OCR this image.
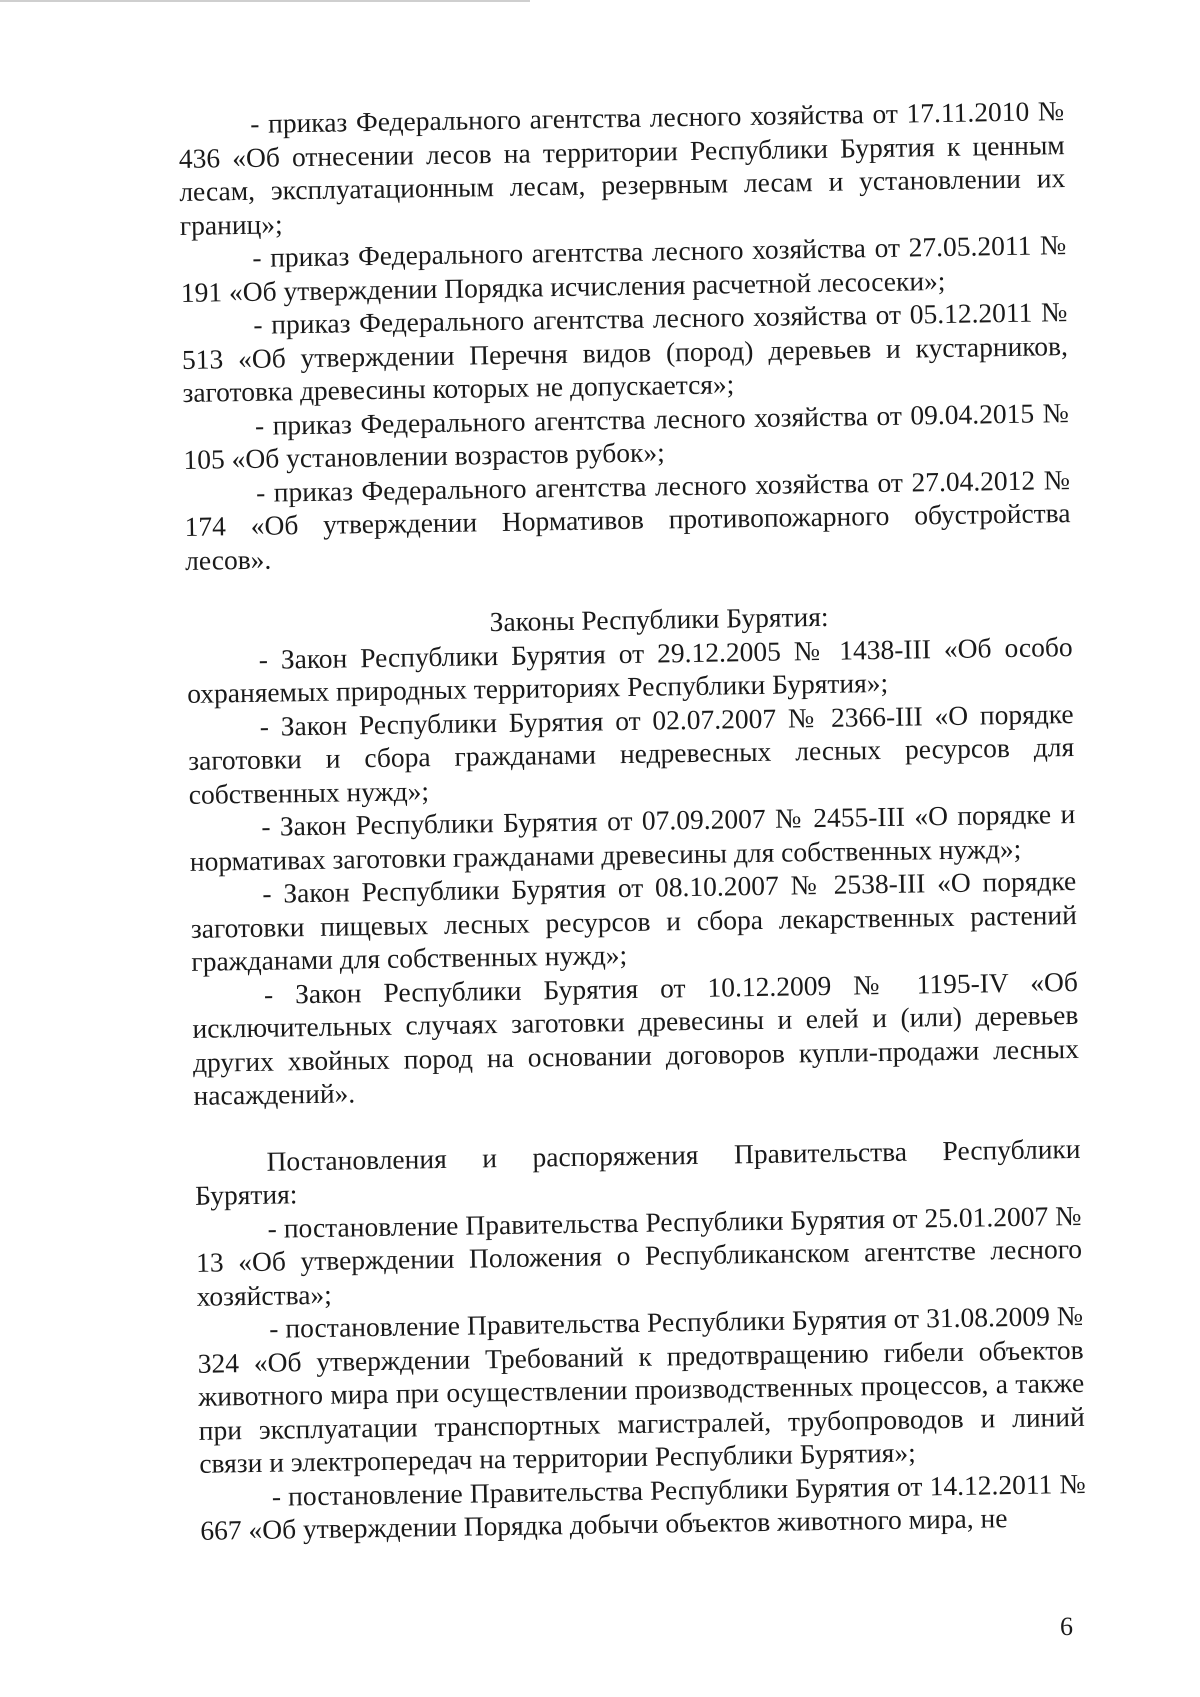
- приказ Федерального агентства лесного хозяйства от 17.11.2010 № 436 «Об отнесении лесов на территории Республики Бурятия к ценным лесам, эксплуатационным лесам, резервным лесам и установлении их границ»;

- приказ Федерального агентства лесного хозяйства от 27.05.2011 № 191 «Об утверждении Порядка исчисления расчетной лесосеки»;

- приказ Федерального агентства лесного хозяйства от 05.12.2011 № 513 «Об утверждении Перечня видов (пород) деревьев и кустарников, заготовка древесины которых не допускается»;

- приказ Федерального агентства лесного хозяйства от 09.04.2015 № 105 «Об установлении возрастов рубок»;

- приказ Федерального агентства лесного хозяйства от 27.04.2012 № 174 «Об утверждении Нормативов противопожарного обустройства лесов».

Законы Республики Бурятия:

- Закон Республики Бурятия от 29.12.2005 № 1438-III «Об особо охраняемых природных территориях Республики Бурятия»;

- Закон Республики Бурятия от 02.07.2007 № 2366-III «О порядке заготовки и сбора гражданами недревесных лесных ресурсов для собственных нужд»;

- Закон Республики Бурятия от 07.09.2007 № 2455-III «О порядке и нормативах заготовки гражданами древесины для собственных нужд»;

- Закон Республики Бурятия от 08.10.2007 № 2538-III «О порядке заготовки пищевых лесных ресурсов и сбора лекарственных растений гражданами для собственных нужд»;

- Закон Республики Бурятия от 10.12.2009 № 1195-IV «Об исключительных случаях заготовки древесины и елей и (или) деревьев других хвойных пород на основании договоров купли-продажи лесных насаждений».

Постановления и распоряжения Правительства Республики Бурятия:

- постановление Правительства Республики Бурятия от 25.01.2007 № 13 «Об утверждении Положения о Республиканском агентстве лесного хозяйства»;

- постановление Правительства Республики Бурятия от 31.08.2009 № 324 «Об утверждении Требований к предотвращению гибели объектов животного мира при осуществлении производственных процессов, а также при эксплуатации транспортных магистралей, трубопроводов и линий связи и электропередач на территории Республики Бурятия»;

- постановление Правительства Республики Бурятия от 14.12.2011 № 667 «Об утверждении Порядка добычи объектов животного мира, не

6
